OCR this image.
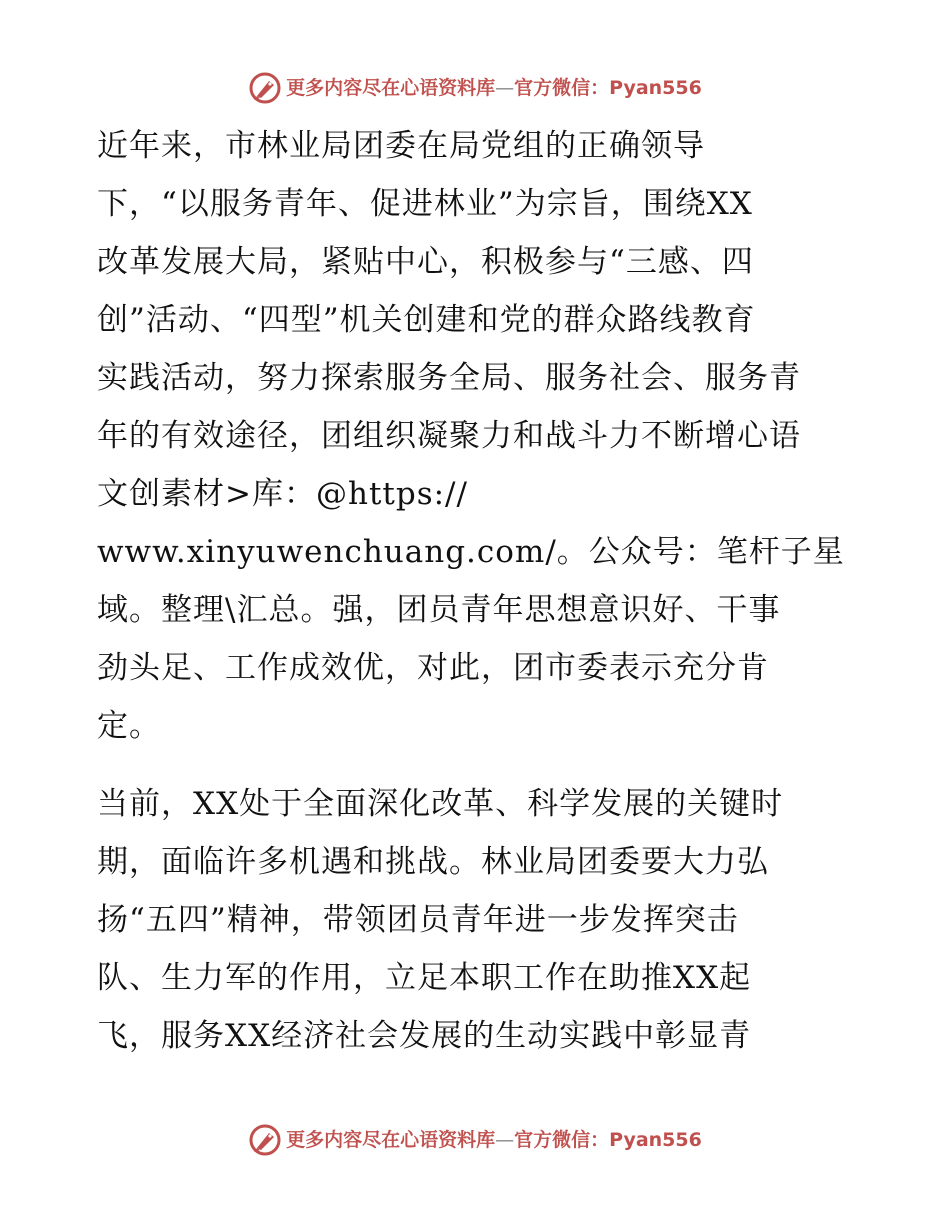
更多内容尽在心语资料库—官方微信：Pyan556
近年来，市林业局团委在局党组的正确领导
下，“以服务青年、促进林业”为宗旨，围绕XX
改革发展大局，紧贴中心，积极参与“三感、四
创”活动、“四型”机关创建和党的群众路线教育
实践活动，努力探索服务全局、服务社会、服务青
年的有效途径，团组织凝聚力和战斗力不断增心语
文创素材>库：@https://
www.xinyuwenchuang.com/。公众号：笔杆子星
域。整理\汇总。强，团员青年思想意识好、干事
劲头足、工作成效优，对此，团市委表示充分肯
定。
当前，XX处于全面深化改革、科学发展的关键时
期，面临许多机遇和挑战。林业局团委要大力弘
扬“五四”精神，带领团员青年进一步发挥突击
队、生力军的作用，立足本职工作在助推XX起
飞，服务XX经济社会发展的生动实践中彰显青
更多内容尽在心语资料库—官方微信：Pyan556
